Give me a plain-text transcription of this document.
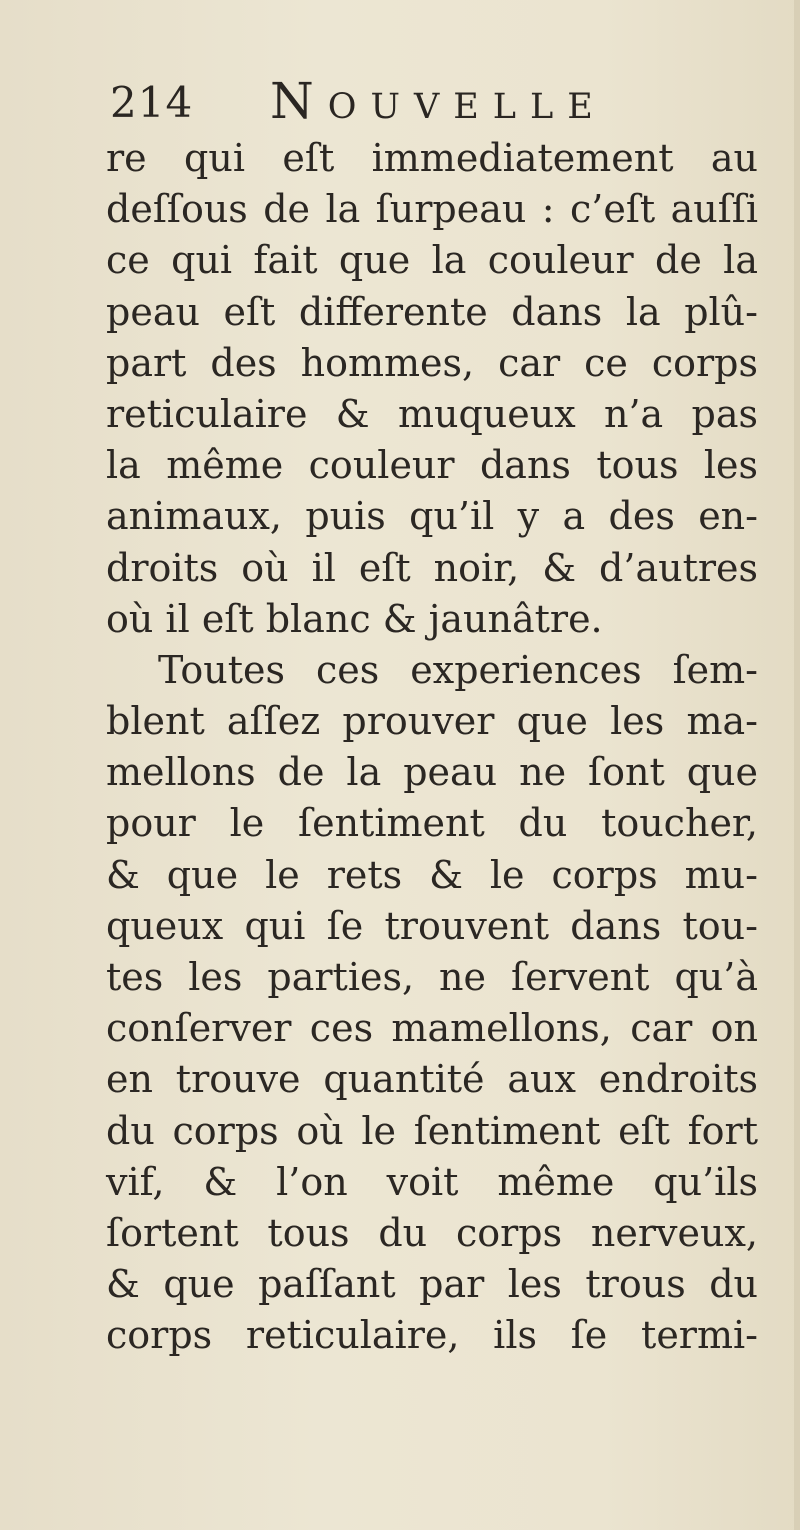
214 Nouvelle
re qui eſt immediatement au
deſſous de la ſurpeau : c’eſt auſſi
ce qui fait que la couleur de la
peau eſt differente dans la plû-
part des hommes, car ce corps
reticulaire & muqueux n’a pas
la même couleur dans tous les
animaux, puis qu’il y a des en-
droits où il eſt noir, & d’autres
où il eſt blanc & jaunâtre.
Toutes ces experiences ſem-
blent aſſez prouver que les ma-
mellons de la peau ne ſont que
pour le ſentiment du toucher,
& que le rets & le corps mu-
queux qui ſe trouvent dans tou-
tes les parties, ne ſervent qu’à
conſerver ces mamellons, car on
en trouve quantité aux endroits
du corps où le ſentiment eſt fort
vif, & l’on voit même qu’ils
ſortent tous du corps nerveux,
& que paſſant par les trous du
corps reticulaire, ils ſe termi-
